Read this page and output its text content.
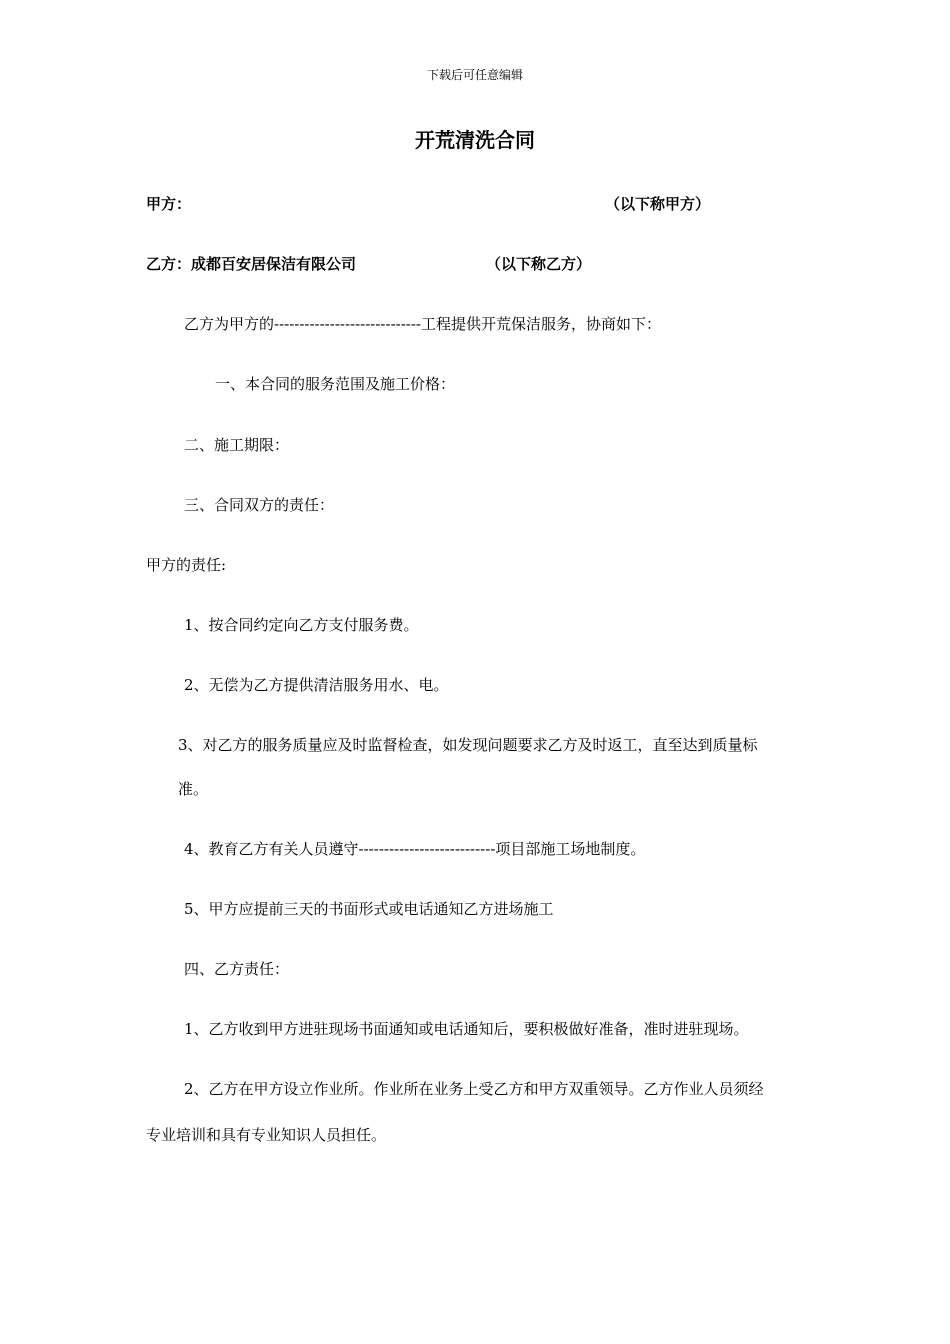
下载后可任意编辑
开荒清洗合同
甲方：	（以下称甲方）
乙方：成都百安居保洁有限公司	（以下称乙方）
乙方为甲方的-----------------------------工程提供开荒保洁服务，协商如下：
一、本合同的服务范围及施工价格：
二、施工期限：
三、合同双方的责任：
甲方的责任:
1、按合同约定向乙方支付服务费。
2、无偿为乙方提供清洁服务用水、电。
3、对乙方的服务质量应及时监督检查，如发现问题要求乙方及时返工，直至达到质量标
准。
4、教育乙方有关人员遵守---------------------------项目部施工场地制度。
5、甲方应提前三天的书面形式或电话通知乙方进场施工
四、乙方责任：
1、乙方收到甲方进驻现场书面通知或电话通知后，要积极做好准备，准时进驻现场。
2、乙方在甲方设立作业所。作业所在业务上受乙方和甲方双重领导。乙方作业人员须经
专业培训和具有专业知识人员担任。
